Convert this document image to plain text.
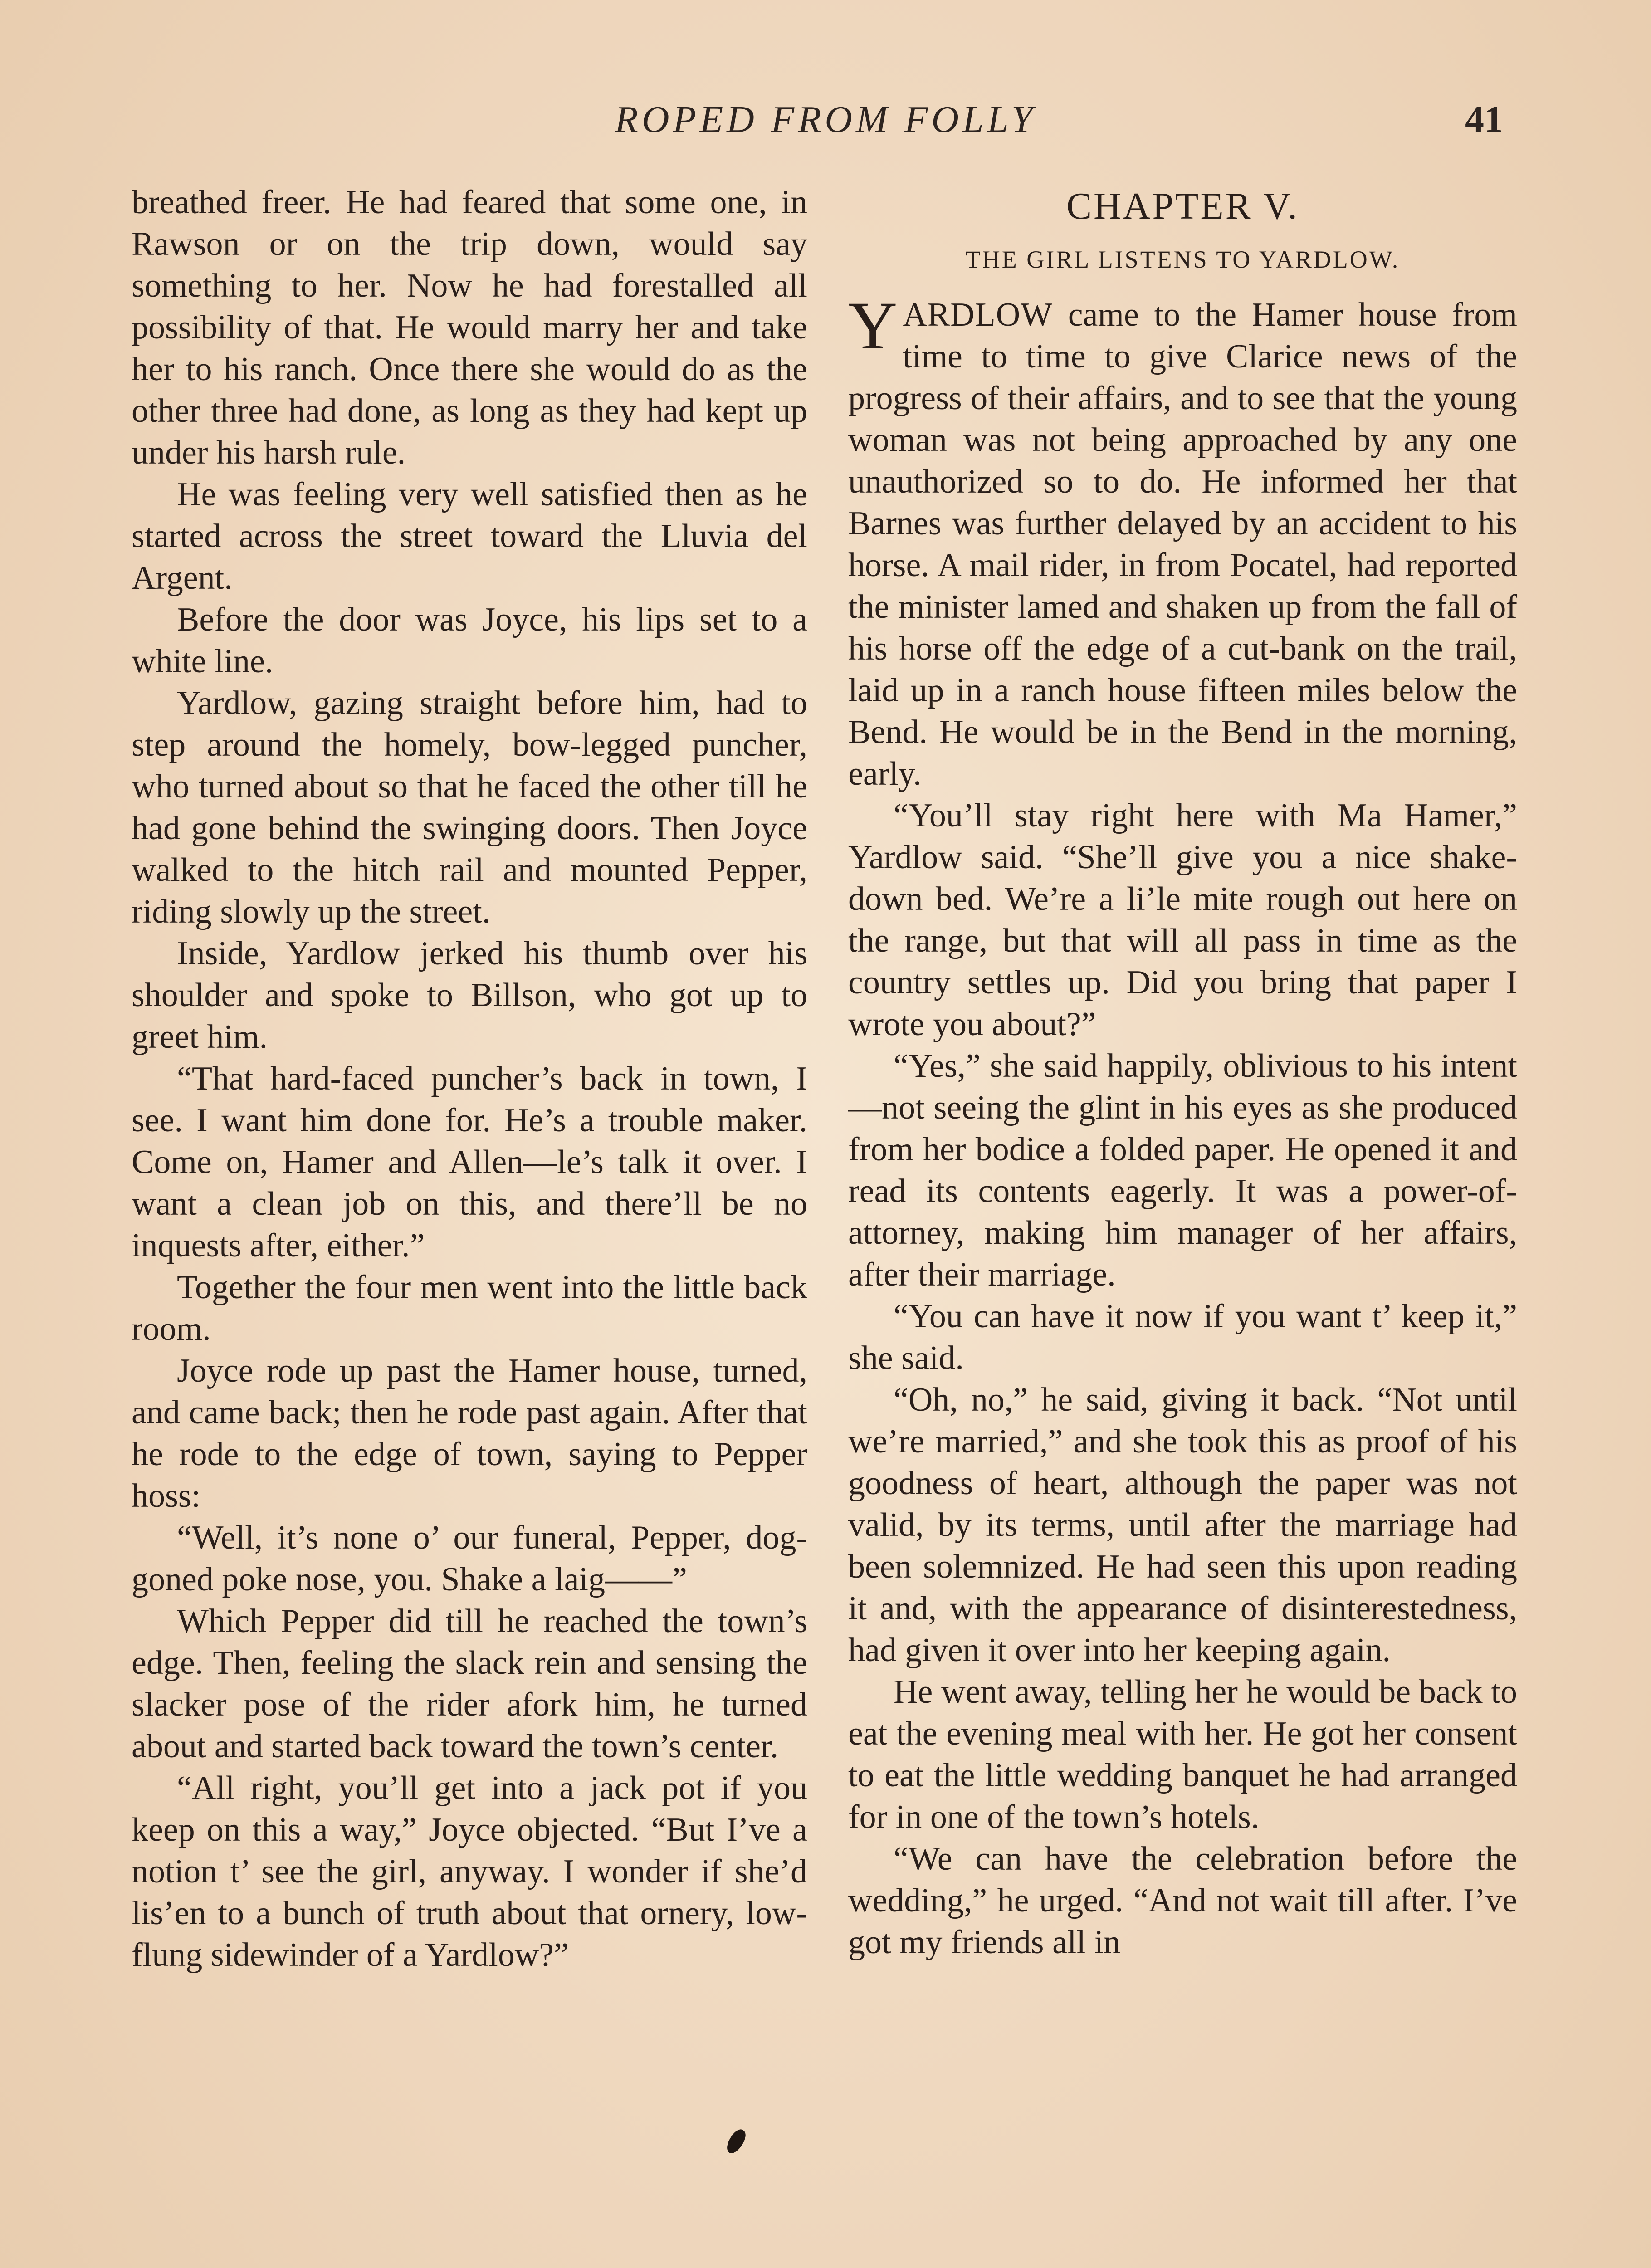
ROPED FROM FOLLY	41

breathed freer. He had feared that some one, in Rawson or on the trip down, would say something to her. Now he had forestalled all possibility of that. He would marry her and take her to his ranch. Once there she would do as the other three had done, as long as they had kept up under his harsh rule.

He was feeling very well satisfied then as he started across the street toward the Lluvia del Argent.

Before the door was Joyce, his lips set to a white line.

Yardlow, gazing straight before him, had to step around the homely, bow-legged puncher, who turned about so that he faced the other till he had gone behind the swinging doors. Then Joyce walked to the hitch rail and mounted Pepper, riding slowly up the street.

Inside, Yardlow jerked his thumb over his shoulder and spoke to Billson, who got up to greet him.

“That hard-faced puncher’s back in town, I see. I want him done for. He’s a trouble maker. Come on, Hamer and Allen—le’s talk it over. I want a clean job on this, and there’ll be no inquests after, either.”

Together the four men went into the little back room.

Joyce rode up past the Hamer house, turned, and came back; then he rode past again. After that he rode to the edge of town, saying to Pepper hoss:

“Well, it’s none o’ our funeral, Pepper, dog-goned poke nose, you. Shake a laig——”

Which Pepper did till he reached the town’s edge. Then, feeling the slack rein and sensing the slacker pose of the rider afork him, he turned about and started back toward the town’s center.

“All right, you’ll get into a jack pot if you keep on this a way,” Joyce objected. “But I’ve a notion t’ see the girl, anyway. I wonder if she’d lis’en to a bunch of truth about that ornery, low-flung sidewinder of a Yardlow?”

CHAPTER V.
THE GIRL LISTENS TO YARDLOW.

YARDLOW came to the Hamer house from time to time to give Clarice news of the progress of their affairs, and to see that the young woman was not being approached by any one unauthorized so to do. He informed her that Barnes was further delayed by an accident to his horse. A mail rider, in from Pocatel, had reported the minister lamed and shaken up from the fall of his horse off the edge of a cut-bank on the trail, laid up in a ranch house fifteen miles below the Bend. He would be in the Bend in the morning, early.

“You’ll stay right here with Ma Hamer,” Yardlow said. “She’ll give you a nice shake-down bed. We’re a li’le mite rough out here on the range, but that will all pass in time as the country settles up. Did you bring that paper I wrote you about?”

“Yes,” she said happily, oblivious to his intent—not seeing the glint in his eyes as she produced from her bodice a folded paper. He opened it and read its contents eagerly. It was a power-of-attorney, making him manager of her affairs, after their marriage.

“You can have it now if you want t’ keep it,” she said.

“Oh, no,” he said, giving it back. “Not until we’re married,” and she took this as proof of his goodness of heart, although the paper was not valid, by its terms, until after the marriage had been solemnized. He had seen this upon reading it and, with the appearance of disinterestedness, had given it over into her keeping again.

He went away, telling her he would be back to eat the evening meal with her. He got her consent to eat the little wedding banquet he had arranged for in one of the town’s hotels.

“We can have the celebration before the wedding,” he urged. “And not wait till after. I’ve got my friends all in
